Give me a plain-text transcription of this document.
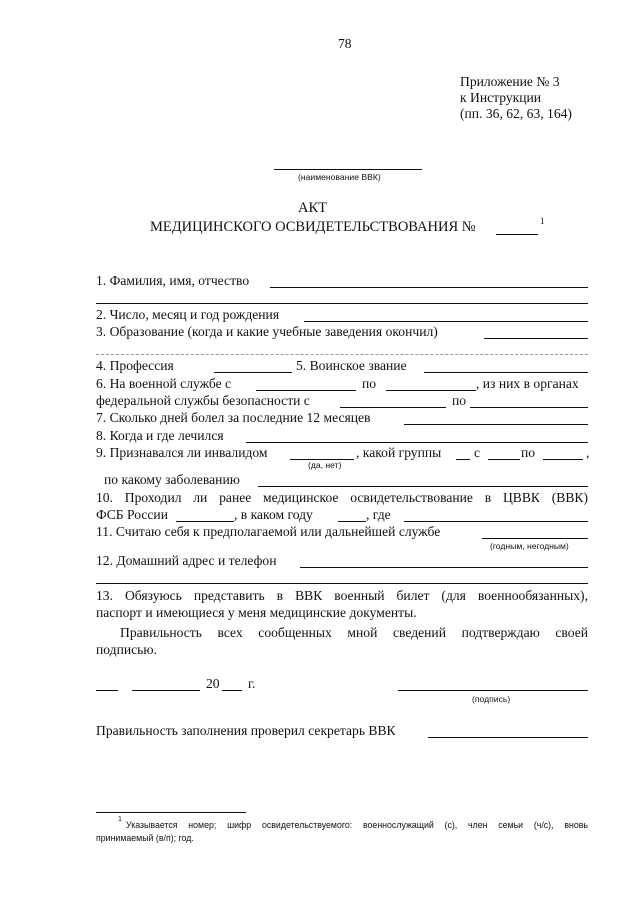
78
Приложение № 3
к Инструкции
(пп. 36, 62, 63, 164)
(наименование ВВК)
АКТ
МЕДИЦИНСКОГО ОСВИДЕТЕЛЬСТВОВАНИЯ №	1
1. Фамилия, имя, отчество
2. Число, месяц и год рождения
3. Образование (когда и какие учебные заведения окончил)
4. Профессия	5. Воинское звание
6. На военной службе с	по	, из них в органах
федеральной службы безопасности с	по
7. Сколько дней болел за последние 12 месяцев
8. Когда и где лечился
9. Признавался ли инвалидом
(да, нет)
, какой группы с	по	,
по какому заболеванию
10. Проходил ли ранее медицинское освидетельствование в ЦВВК (ВВК)
ФСБ России	, в каком году	, где
11. Считаю себя к предполагаемой или дальнейшей службе
(годным, негодным)
12. Домашний адрес и телефон
13. Обязуюсь представить в ВВК военный билет (для военнообязанных),
паспорт и имеющиеся у меня медицинские документы.
Правильность всех сообщенных мной сведений подтверждаю своей
подписью.
20 г.
(подпись)
Правильность заполнения проверил секретарь ВВК
1
Указывается номер; шифр освидетельствуемого: военнослужащий (с), член семьи (ч/с), вновь
принимаемый (в/п); год.
